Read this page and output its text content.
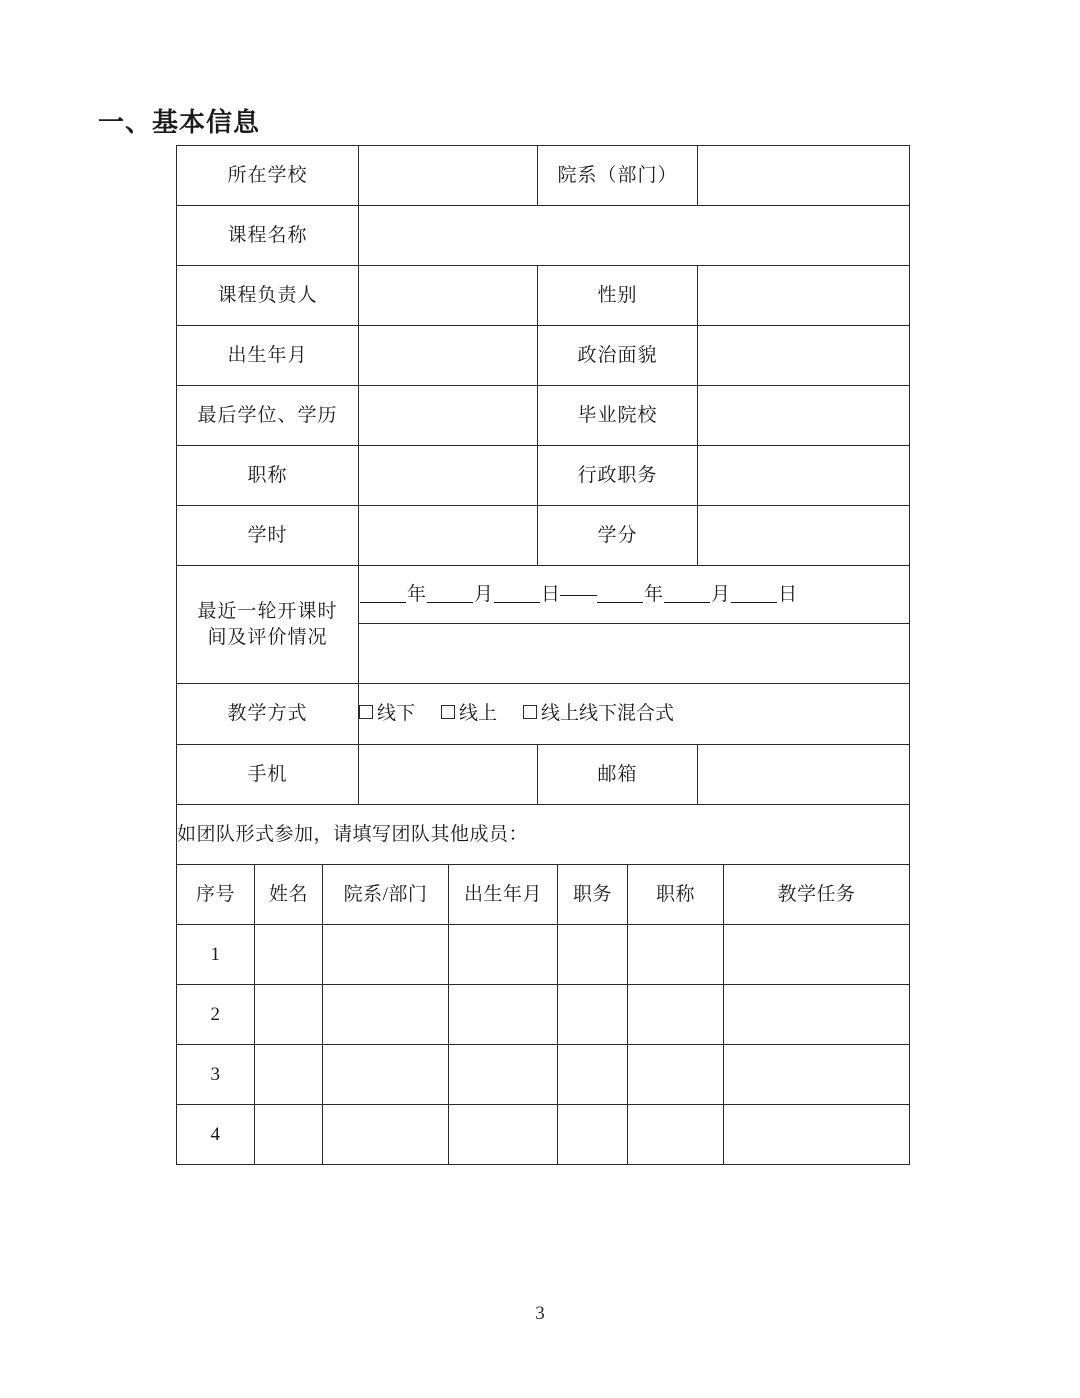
一、基本信息
所在学校		院系（部门）	
课程名称			
课程负责人		性别	
出生年月		政治面貌	
最后学位、学历		毕业院校	
职称		行政职务	
学时		学分	

最近一轮开课时
间及评价情况	年 月 日—— 年 月 日		

教学方式	线下 线上 线上线下混合式		
手机		邮箱	
如团队形式参加，请填写团队其他成员：			
序号	姓名	院系/部门	出生年月	职务	职称	教学任务
1						
2						
3						
4						
3
